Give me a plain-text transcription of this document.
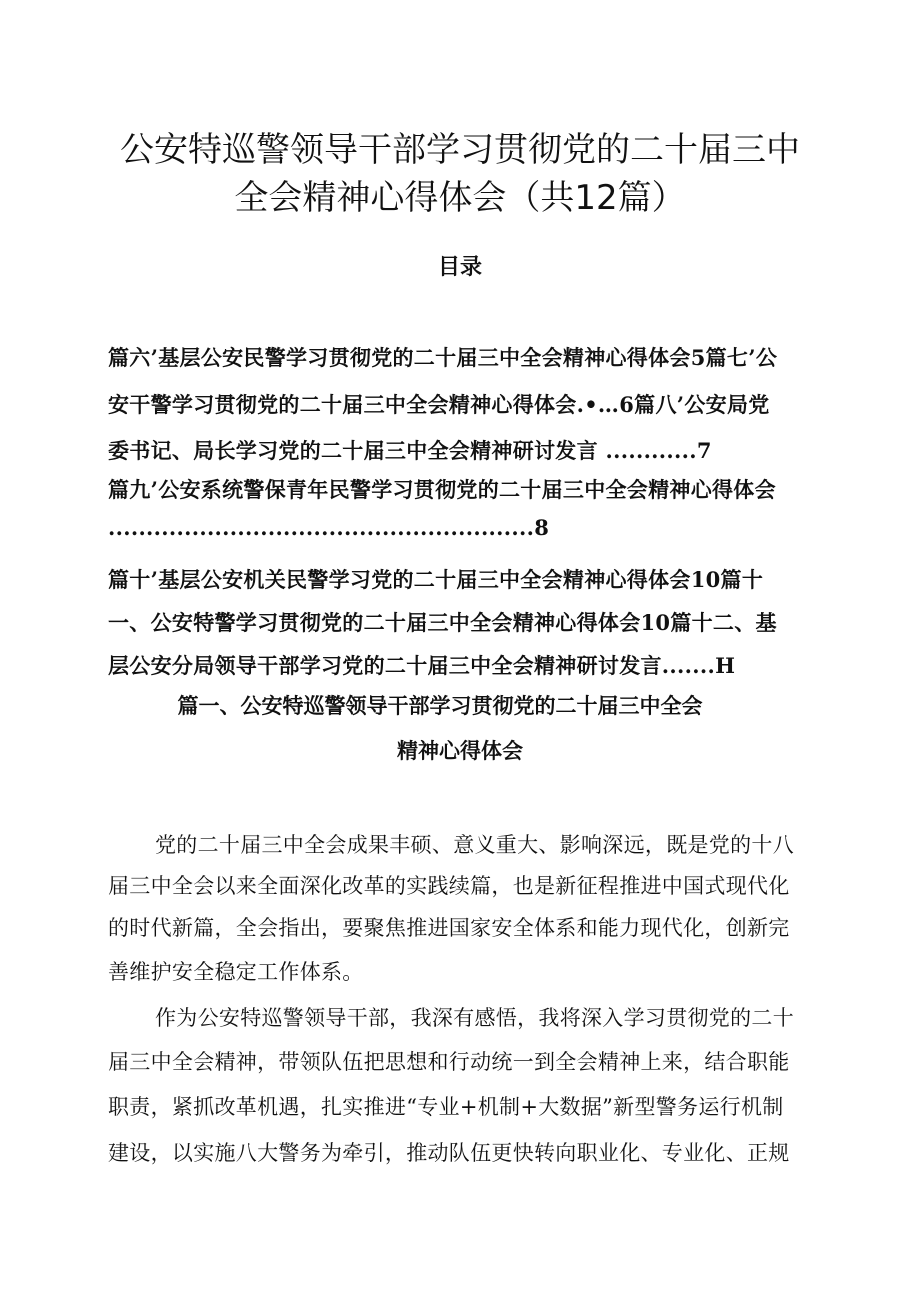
公安特巡警领导干部学习贯彻党的二十届三中
全会精神心得体会（共12篇）
目录
篇六’基层公安民警学习贯彻党的二十届三中全会精神心得体会5篇七’公
安干警学习贯彻党的二十届三中全会精神心得体会.•…6篇八’公安局党
委书记、局长学习党的二十届三中全会精神研讨发言 ............7
篇九’公安系统警保青年民警学习贯彻党的二十届三中全会精神心得体会
........................................................8
篇十’基层公安机关民警学习党的二十届三中全会精神心得体会10篇十
一、公安特警学习贯彻党的二十届三中全会精神心得体会10篇十二、基
层公安分局领导干部学习党的二十届三中全会精神研讨发言.......H
篇一、公安特巡警领导干部学习贯彻党的二十届三中全会
精神心得体会
党的二十届三中全会成果丰硕、意义重大、影响深远，既是党的十八
届三中全会以来全面深化改革的实践续篇，也是新征程推进中国式现代化
的时代新篇，全会指出，要聚焦推进国家安全体系和能力现代化，创新完
善维护安全稳定工作体系。
作为公安特巡警领导干部，我深有感悟，我将深入学习贯彻党的二十
届三中全会精神，带领队伍把思想和行动统一到全会精神上来，结合职能
职责，紧抓改革机遇，扎实推进“专业+机制+大数据”新型警务运行机制
建设，以实施八大警务为牵引，推动队伍更快转向职业化、专业化、正规
